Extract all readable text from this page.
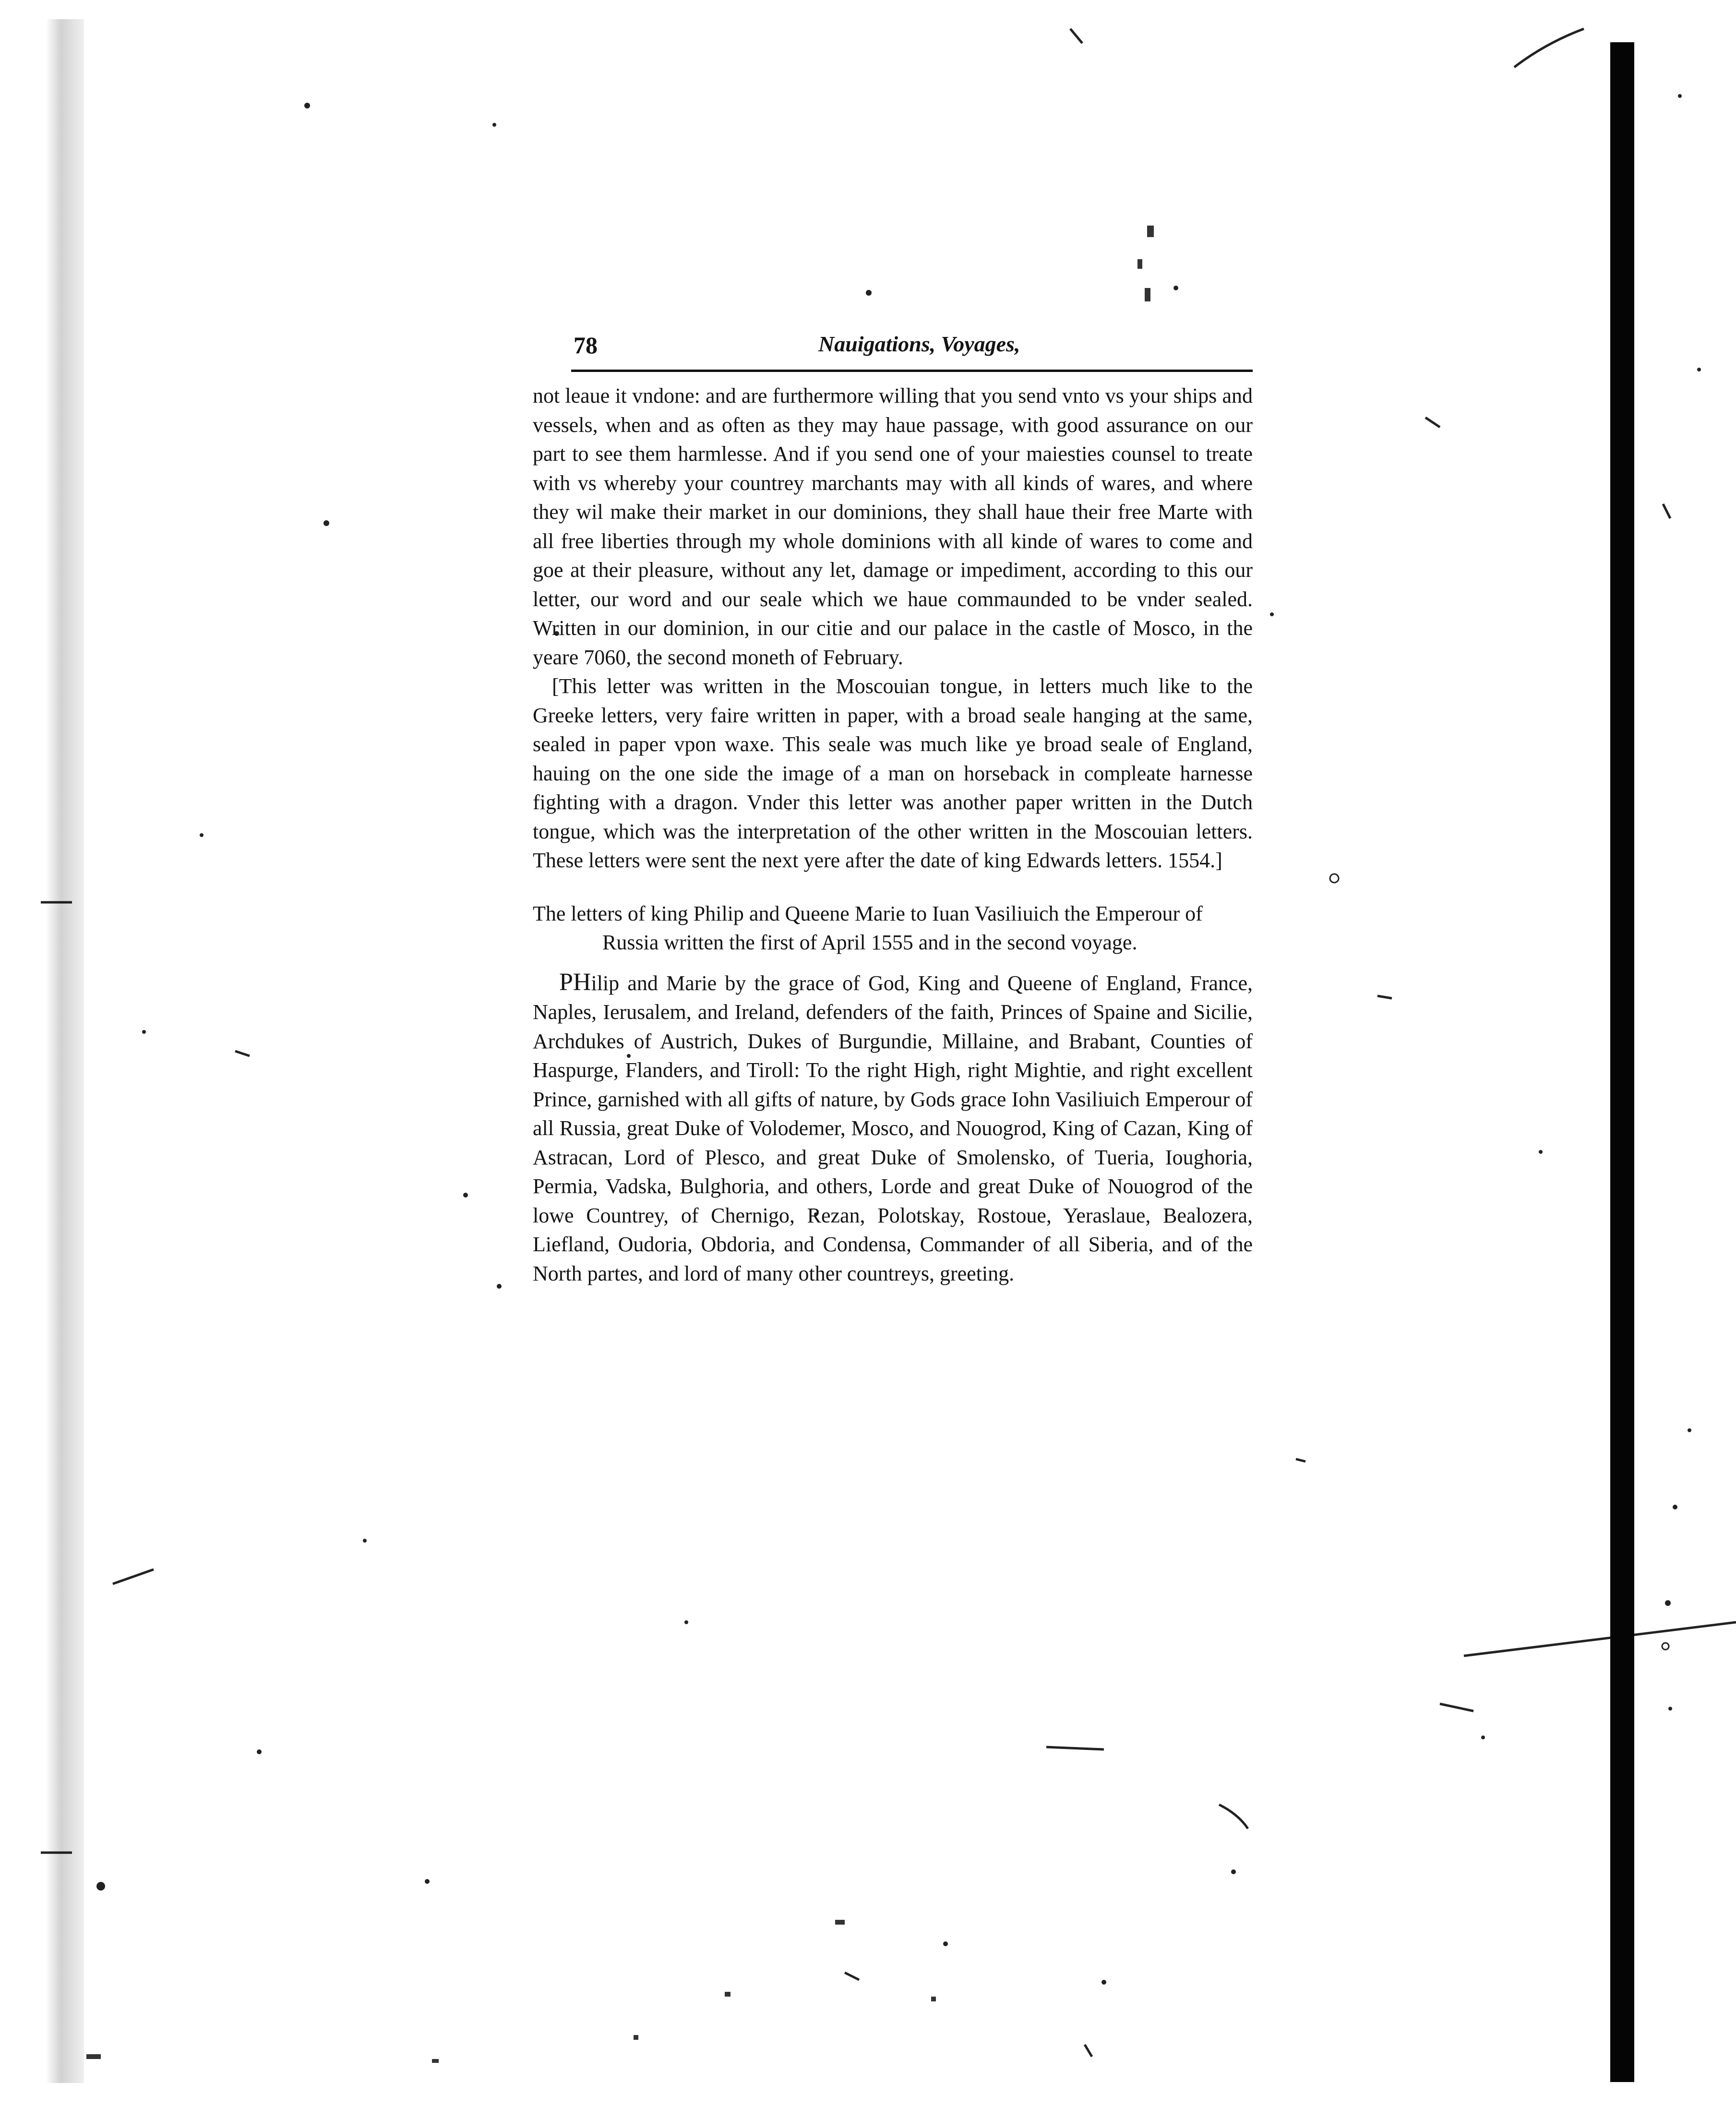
78	Nauigations, Voyages,

not leaue it vndone: and are furthermore willing that you send vnto vs your ships and vessels, when and as often as they may haue passage, with good assurance on our part to see them harmlesse. And if you send one of your maiesties counsel to treate with vs whereby your countrey marchants may with all kinds of wares, and where they wil make their market in our dominions, they shall haue their free Marte with all free liberties through my whole dominions with all kinde of wares to come and goe at their pleasure, without any let, damage or impediment, according to this our letter, our word and our seale which we haue commaunded to be vnder sealed. Written in our dominion, in our citie and our palace in the castle of Mosco, in the yeare 7060, the second moneth of February.

[This letter was written in the Moscouian tongue, in letters much like to the Greeke letters, very faire written in paper, with a broad seale hanging at the same, sealed in paper vpon waxe. This seale was much like ye broad seale of England, hauing on the one side the image of a man on horseback in compleate harnesse fighting with a dragon. Vnder this letter was another paper written in the Dutch tongue, which was the interpretation of the other written in the Moscouian letters. These letters were sent the next yere after the date of king Edwards letters. 1554.]

The letters of king Philip and Queene Marie to Iuan Vasiliuich the Emperour of Russia written the first of April 1555 and in the second voyage.

PHilip and Marie by the grace of God, King and Queene of England, France, Naples, Ierusalem, and Ireland, defenders of the faith, Princes of Spaine and Sicilie, Archdukes of Austrich, Dukes of Burgundie, Millaine, and Brabant, Counties of Haspurge, Flanders, and Tiroll: To the right High, right Mightie, and right excellent Prince, garnished with all gifts of nature, by Gods grace Iohn Vasiliuich Emperour of all Russia, great Duke of Volodemer, Mosco, and Nouogrod, King of Cazan, King of Astracan, Lord of Plesco, and great Duke of Smolensko, of Tueria, Ioughoria, Permia, Vadska, Bulghoria, and others, Lorde and great Duke of Nouogrod of the lowe Countrey, of Chernigo, Rezan, Polotskay, Rostoue, Yeraslaue, Bealozera, Liefland, Oudoria, Obdoria, and Condensa, Commander of all Siberia, and of the North partes, and lord of many other countreys, greeting.
